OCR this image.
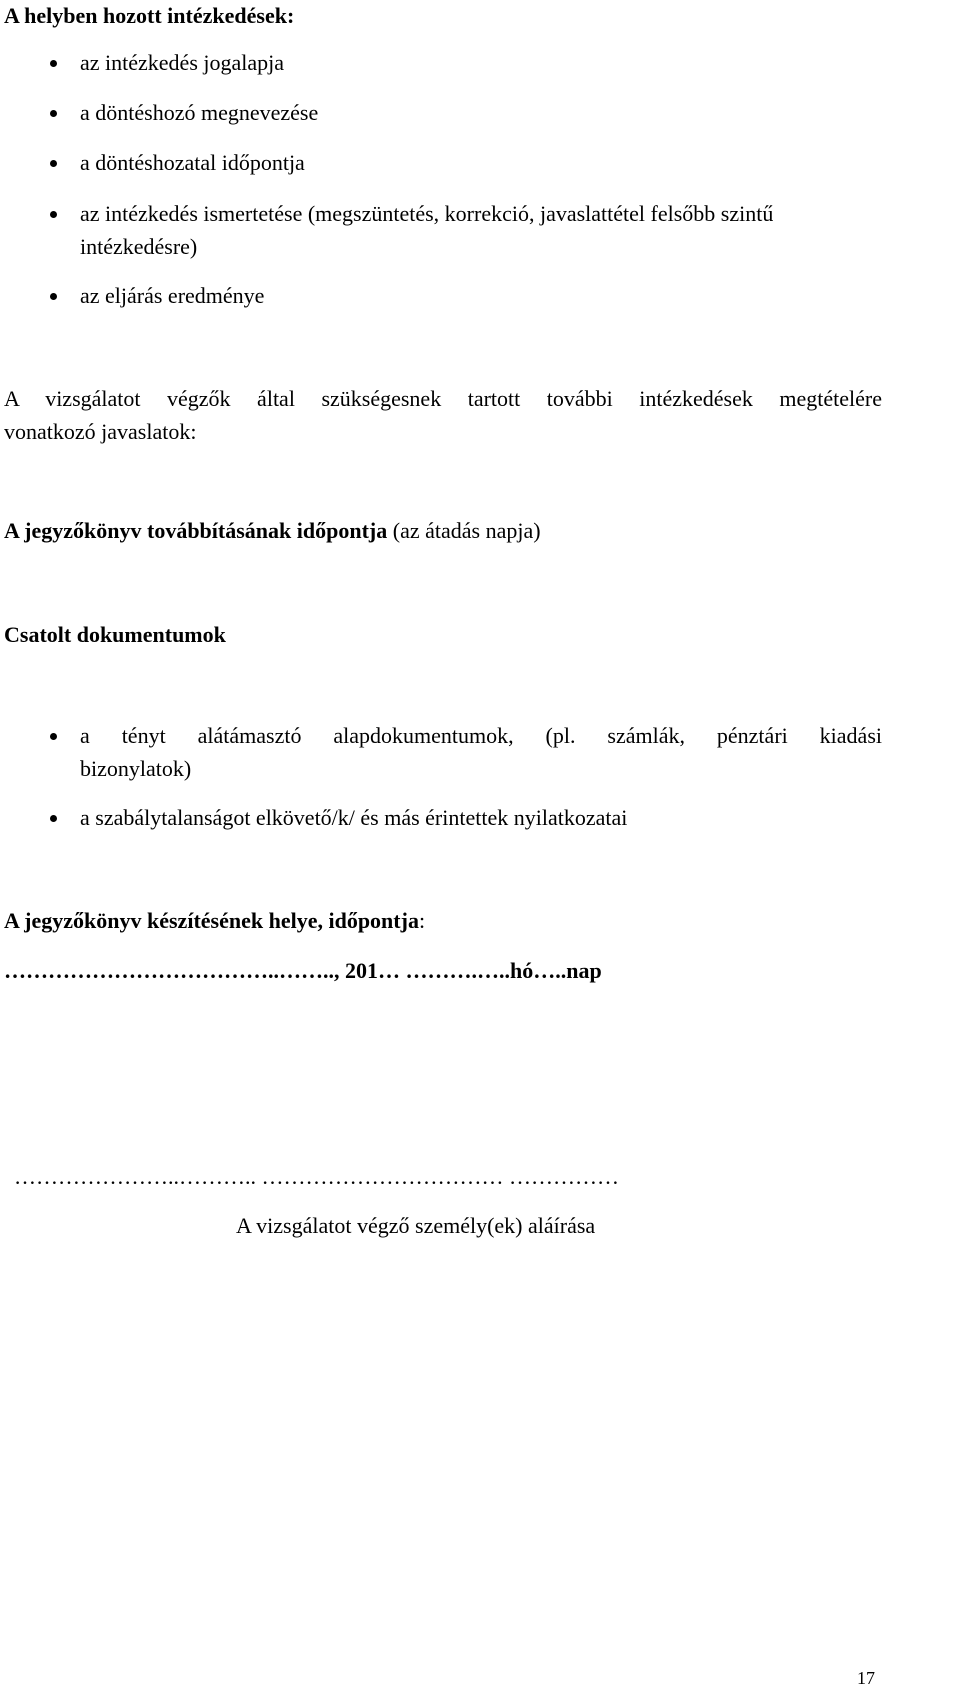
A helyben hozott intézkedések:
az intézkedés jogalapja
a döntéshozó megnevezése
a döntéshozatal időpontja
az intézkedés ismertetése (megszüntetés, korrekció, javaslattétel felsőbb szintű
intézkedésre)
az eljárás eredménye
A vizsgálatot végzők által szükségesnek tartott további intézkedések megtételére
vonatkozó javaslatok:
A jegyzőkönyv továbbításának időpontja (az átadás napja)
Csatolt dokumentumok
a tényt alátámasztó alapdokumentumok, (pl. számlák, pénztári kiadási
bizonylatok)
a szabálytalanságot elkövető/k/ és más érintettek nyilatkozatai
A jegyzőkönyv készítésének helye, időpontja:
………………………………..…….., 201… ……….…..hó…..nap
…………………..……….. …………………………… ……………
A vizsgálatot végző személy(ek) aláírása
17
